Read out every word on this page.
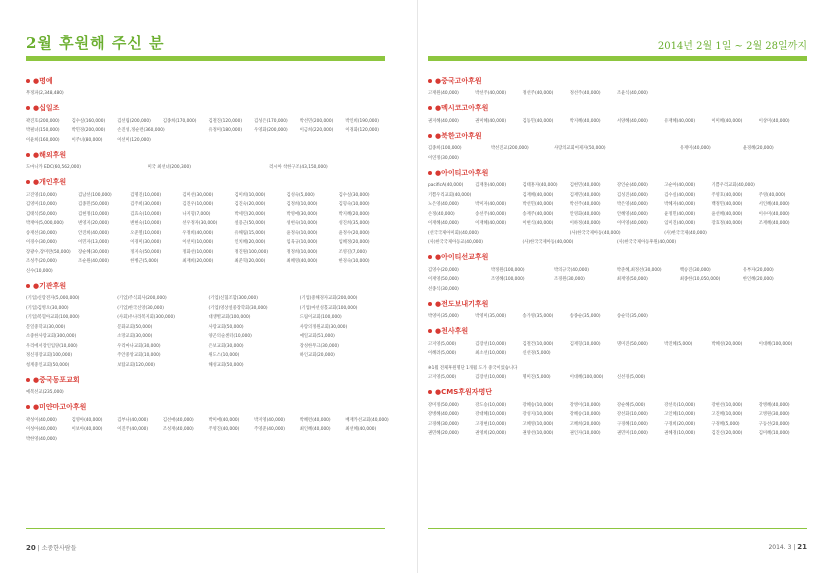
2월 후원해 주신 분
●명예
무정파(2,348,480)
●십일조
곽진호(200,000)	김수실(160,000)	김선림(200,000)	김종희(170,000)	김철진(120,000)	김성은(170,000)	박선민(200,000)	박인희(190,000)
박필녀(150,000)	박민경(200,000)	손진성,정순련(360,000)	유정미(180,000)	우영화(200,000)	이금희(220,000)	이경화(120,000)
이윤희(160,000)	이주녀(80,000)	이선미(120,000)
●해외후원
도마니카 EDC(60,562,000)	미국 최선녀(200,300)	러시아 착한구조(43,150,000)
●개인후원
고진영(10,000)	김남선(100,000)	김명진(10,000)	김미선(30,000)	김미희(10,000)	김성숙(5,000)	김수실(30,000)
김영미(10,000)	김종민(50,000)	김주희(30,000)	김진우(10,000)	김진숙(20,000)	김정희(10,000)	김형숙(10,000)
김태석(50,000)	김현정(10,000)	김효숙(10,000)	나지형(7,000)	박세린(20,000)	박영애(30,000)	박지혜(20,000)
박재아(5,000,000)	변영지(20,000)	변현숙(10,000)	선우정자(30,000)	설용근(50,000)	성현숙(10,000)	성진희(35,000)
송재선(30,000)	안진희(40,000)	오준열(10,000)	우정희(40,000)	유해림(15,000)	윤정숙(10,000)	윤정수(20,000)
이경수(30,000)	이민자(13,000)	이경미(30,000)	이선미(10,000)	인치혜(20,000)	임육규(10,000)	임혜정(20,000)
장광수,장미란(50,000)	장순혜(30,000)	정지숙(50,000)	정화선(10,000)	정진원(100,000)	정정희(10,000)	조영길(7,000)
조성주(20,000)	조순원(40,000)	한병근(5,000)	최재희(20,000)	최준혁(20,000)	최혜영(40,000)	한경숙(10,000)
신수(10,000)
●기관후원
(기업)신랑전자(5,000,000)	(기업)주식회사(200,000)	(기업)신협조합(300,000)	(기업)중해경자교회(200,000)
(기업)김병오(30,000)	(기업)한국신앙(30,000)	(기업)영상설중장학회(30,000)	(기업)마선성홀교회(100,000)
(기업)복혈아교회(100,000)	(사회)우나라복지회(300,000)	대생별교회(100,000)	드림이교회(100,000)
문일중학교(30,000)	문화교회(50,000)	사랑교회(50,000)	사랑의정원교회(30,000)
소중한사랑교회(300,000)	소망교회(30,000)	양곤의술센터(10,000)	예일교회(51,000)
우리에서장인입양(10,000)	우리마나교회(30,000)	은보교회(30,000)	장성한무크(30,000)
정신경장교회(100,000)	주안중앙교회(10,000)	위도스(10,000)	하인교회(20,000)
청계중인교회(50,000)	보탑교회(120,000)	해성교회(50,000)
●중국동포교회
예복선교(235,000)
●미얀마고아후원
곽성이(40,000)	김영아(40,000)	김부나(40,000)	김선애(40,000)	박미애(40,000)	박지영(40,000)	박혜련(40,000)	배재카선교회(40,000)
이성아(40,000)	이보아(40,000)	이진주(40,000)	조성재(40,000)	주영진(40,000)	주영준(40,000)	최인혜(40,000)	최선혜(40,000)
박한영(40,000)
20 | 소중한사람들
2014년 2월 1일 ~ 2월 28일까지
●중국고아후원
고재원(40,000)	박선주(40,000)	정선주(40,000)	정선주(40,000)	조윤식(40,000)
●멕시코고아후원
권지혜(40,000)	권미혜(40,000)	김동민(40,000)	박지혜(40,000)	서양혜(40,000)	유재혜(40,000)	이미혜(40,000)	이상미(40,000)
●북한고아후원
김종희(100,000)	박선진교(200,000)	사랑의교회여제자(50,000)	유재미(40,000)	윤경혜(20,000)
이연정(30,000)
●아이티고아후원
pacificA(40,000)	김재홍(40,000)	김태홍자(40,000)	김현민(40,000)	강인순(40,000)	고순아(40,000)	기쁨우리교회(40,000)
기쁨우리교회(40,000)	김재혜(40,000)	김재민(40,000)	김성진(40,000)	김수실(40,000)	주영호(40,000)	주영(40,000)
노은영(40,000)	박미자(40,000)	박선민(40,000)	박선주(40,000)	박은영(40,000)	박혜자(40,000)	백정민(40,000)	서인혜(40,000)
손정(40,000)	송선주(40,000)	송재주(40,000)	안영화(40,000)	안혜영(40,000)	윤정민(40,000)	윤선혜(40,000)	이수미(40,000)
이재혜(40,000)	이재혜(40,000)	이현식(40,000)	이하정(40,000)	이미영(40,000)	임미진(40,000)	장효정(40,000)	조재혜(40,000)
(선국국제아미회)(40,000)	(사)한국국제아동(40,000)	(사)한국국제(40,000)
(사)한국국제아동교(40,000)	(사)한국국제아동(40,000)	(사)한국국제아동후원(40,000)
●아이티선교후원
김영수(20,000)	박정원(100,000)	박의규국(40,000)	박준혜,최정선(30,000)	백승진(30,000)	유부자(20,000)
이재영(50,000)	조영혜(100,000)	조경원(30,000)	최재영(50,000)	최종한(10,050,000)	한인혜(20,000)
선종식(30,000)
●전도보내기후원
박영미(35,000)	박영미(35,000)	송가영(35,000)	송종순(35,000)	송순덕(35,000)
●천사후원
고지영(5,000)	김장선(10,000)	김철건(10,000)	김재형(10,000)	명미진(50,000)	박진혜(5,000)	박혜성(20,000)	이대혜(100,000)
이혜려(5,000)	최소선(10,000)	신선경(5,000)
※1월 전체후원명단 1개월 도가 중국이었습니다
고지영(5,000)	김장선(10,000)	명미진(5,000)	이대혜(100,000)	신선경(5,000)
●CMS후원자명단
강미정(50,000)	강도승(10,000)	강혜승(10,000)	강병이(10,000)	강순혜(5,000)	강선옥(10,000)	강현선(10,000)	강병혜(40,000)
강병혜(40,000)	강대혜(10,000)	강성지(10,000)	강혜승(10,000)	강선화(10,000)	고인혜(10,000)	고진혜(10,000)	고병원(30,000)
고경혜(30,000)	고경현(10,000)	고혜영(10,000)	고혜희(20,000)	구경혜(10,000)	구경희(20,000)	구경혜(5,000)	구동선(20,000)
권민혜(20,000)	권영희(20,000)	권양선(10,000)	권인자(10,000)	권민미(10,000)	권혜경(10,000)	김진신(20,000)	김미혜(10,000)
2014. 3 | 21
